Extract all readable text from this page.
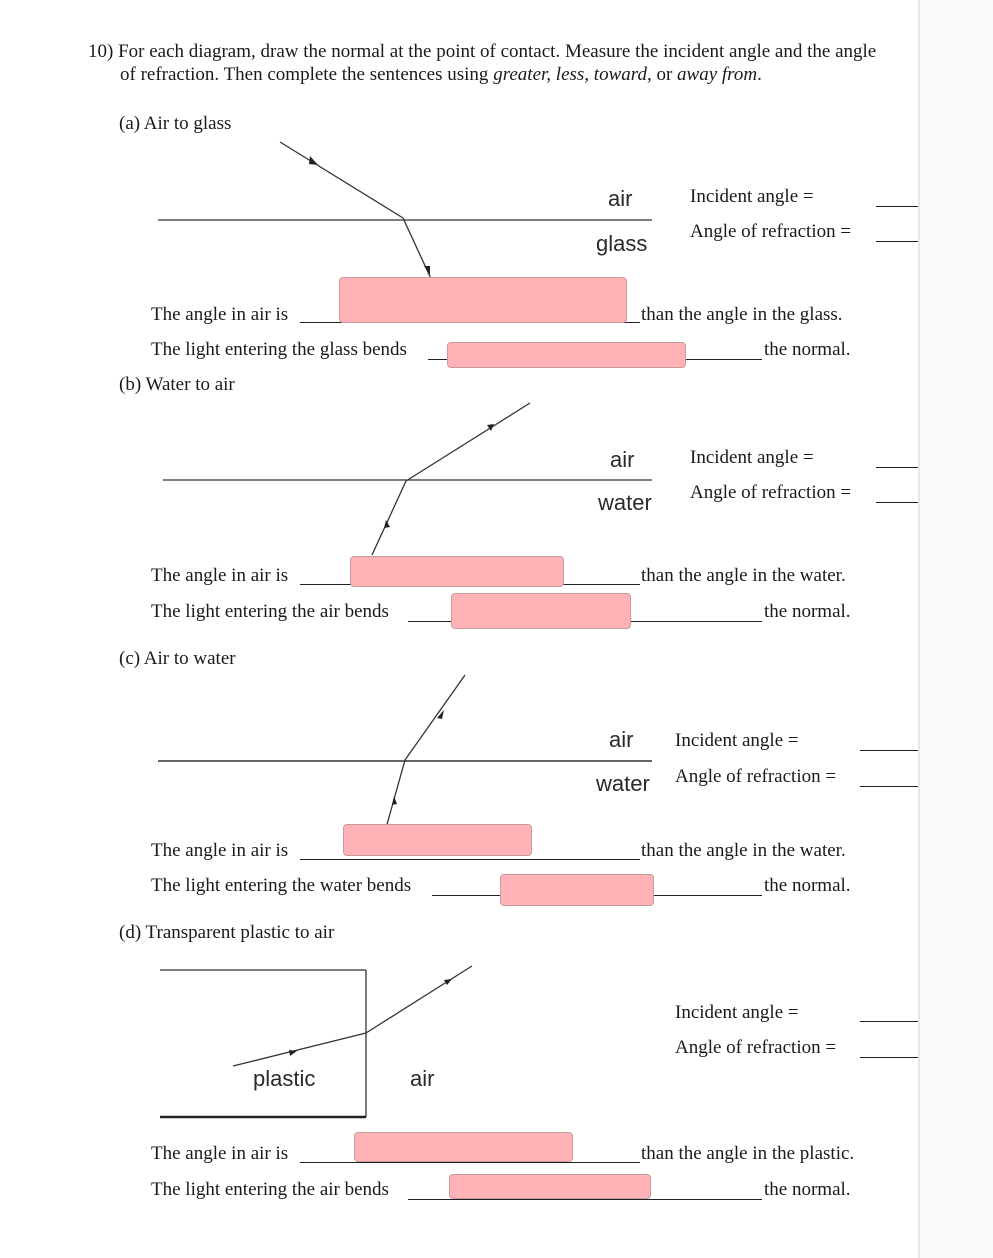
10) For each diagram, draw the normal at the point of contact. Measure the incident angle and the angle
of refraction. Then complete the sentences using greater, less, toward, or away from.
(a) Air to glass
air
glass
Incident angle =
Angle of refraction =
The angle in air is	than the angle in the glass.
The light entering the glass bends	the normal.
(b) Water to air
air
water
Incident angle =
Angle of refraction =
The angle in air is	than the angle in the water.
The light entering the air bends	the normal.
(c) Air to water
air
water
Incident angle =
Angle of refraction =
The angle in air is	than the angle in the water.
The light entering the water bends	the normal.
(d) Transparent plastic to air
plastic	air
Incident angle =
Angle of refraction =
The angle in air is	than the angle in the plastic.
The light entering the air bends	the normal.
